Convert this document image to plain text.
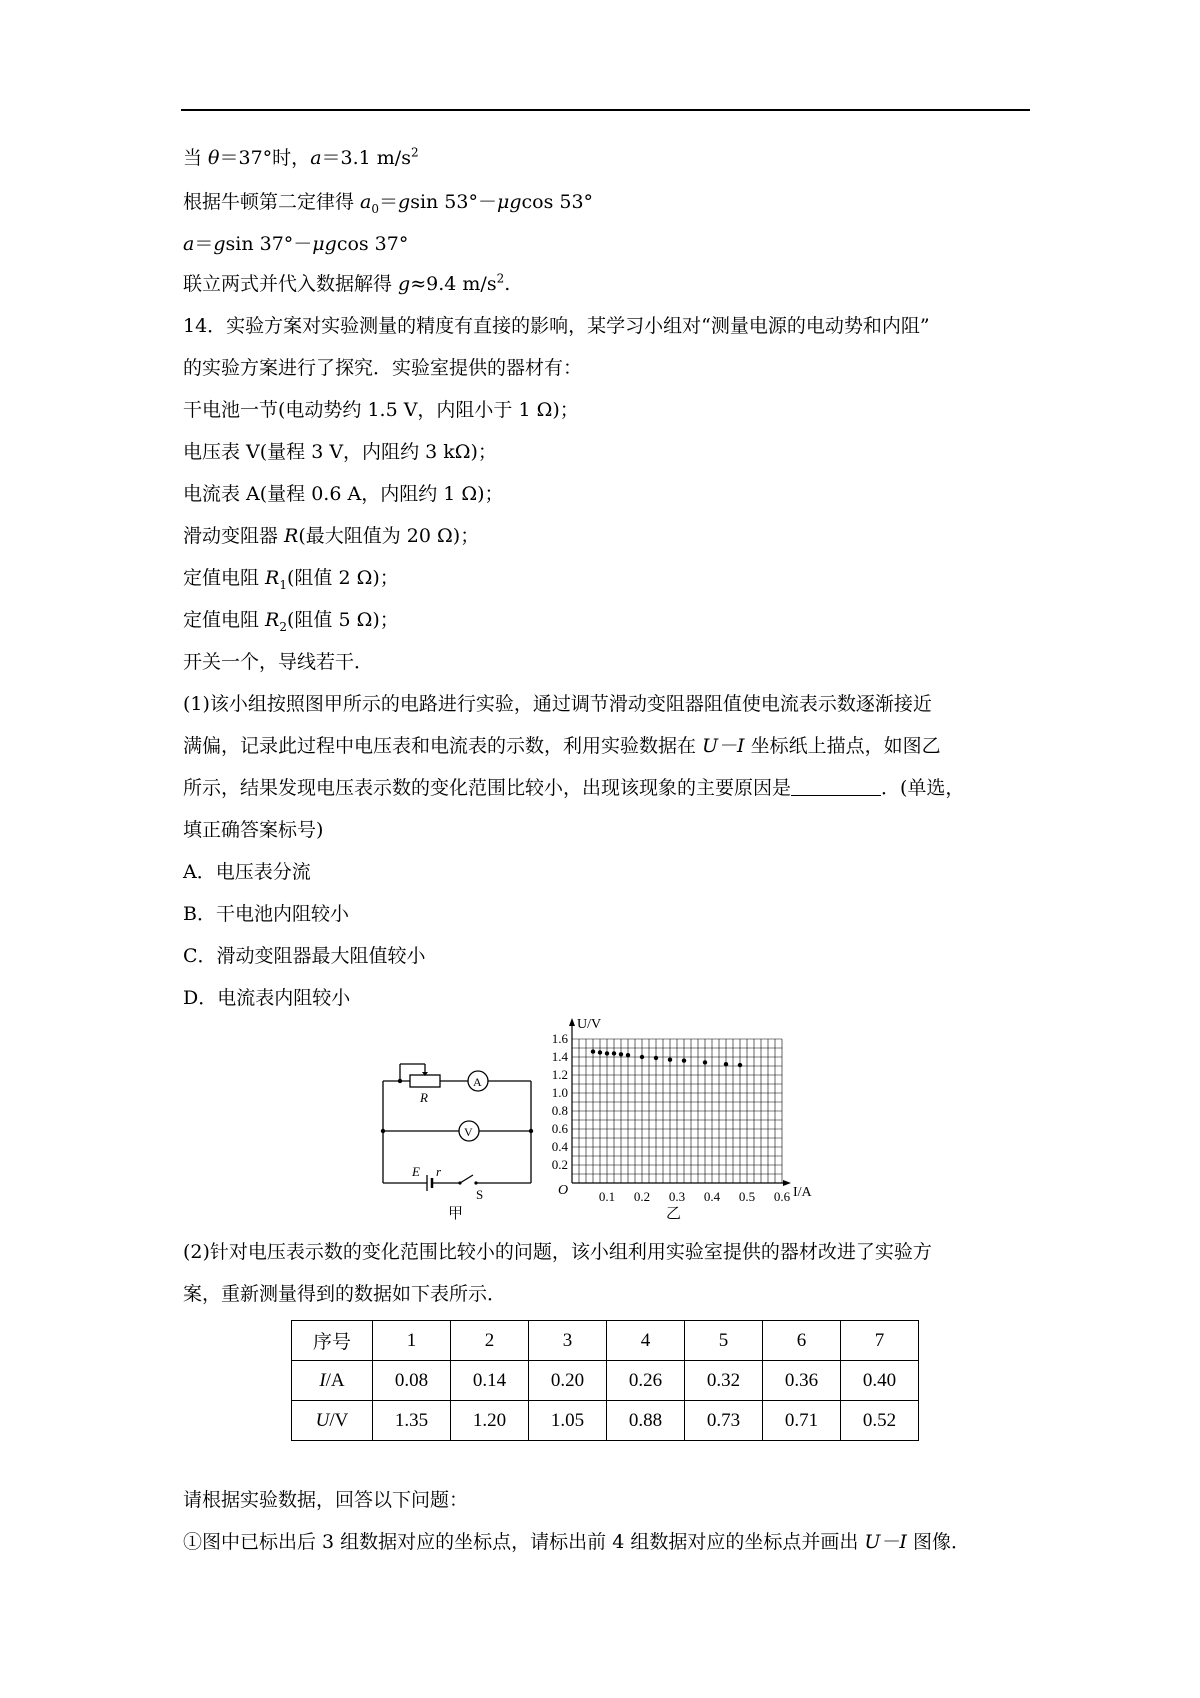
当 θ＝37°时，a＝3.1 $m/s^2$
根据牛顿第二定律得 $a_0=gsin$ 53°－μgcos 53°
a＝gsin 37°－μgcos 37°
联立两式并代入数据解得 g≈9.4 $m/s^2$.
14．实验方案对实验测量的精度有直接的影响，某学习小组对“测量电源的电动势和内阻”
的实验方案进行了探究．实验室提供的器材有：
干电池一节(电动势约 1.5 V，内阻小于 1 Ω)；
电压表 V(量程 3 V，内阻约 3 kΩ)；
电流表 A(量程 0.6 A，内阻约 1 Ω)；
滑动变阻器 R(最大阻值为 20 Ω)；
定值电阻 $R_1$(阻值 2 Ω)；
定值电阻 $R_2$(阻值 5 Ω)；
开关一个，导线若干．
(1)该小组按照图甲所示的电路进行实验，通过调节滑动变阻器阻值使电流表示数逐渐接近
满偏，记录此过程中电压表和电流表的示数，利用实验数据在 U－I 坐标纸上描点，如图乙
所示，结果发现电压表示数的变化范围比较小，出现该现象的主要原因是	．(单选，
填正确答案标号)
A．电压表分流
B．干电池内阻较小
C．滑动变阻器最大阻值较小
D．电流表内阻较小
R
A
V
E r
S
甲
0.1 0.2 0.3 0.4 0.5 0.6
0.2
0.4
0.6
0.8
1.0
1.2
1.4
1.6
U/V
I/A
O
乙
(2)针对电压表示数的变化范围比较小的问题，该小组利用实验室提供的器材改进了实验方
案，重新测量得到的数据如下表所示．
序号	1	2	3	4	5	6	7
I/A	0.08	0.14	0.20	0.26	0.32	0.36	0.40
U/V	1.35	1.20	1.05	0.88	0.73	0.71	0.52
请根据实验数据，回答以下问题：
①图中已标出后 3 组数据对应的坐标点，请标出前 4 组数据对应的坐标点并画出 U－I 图像．
